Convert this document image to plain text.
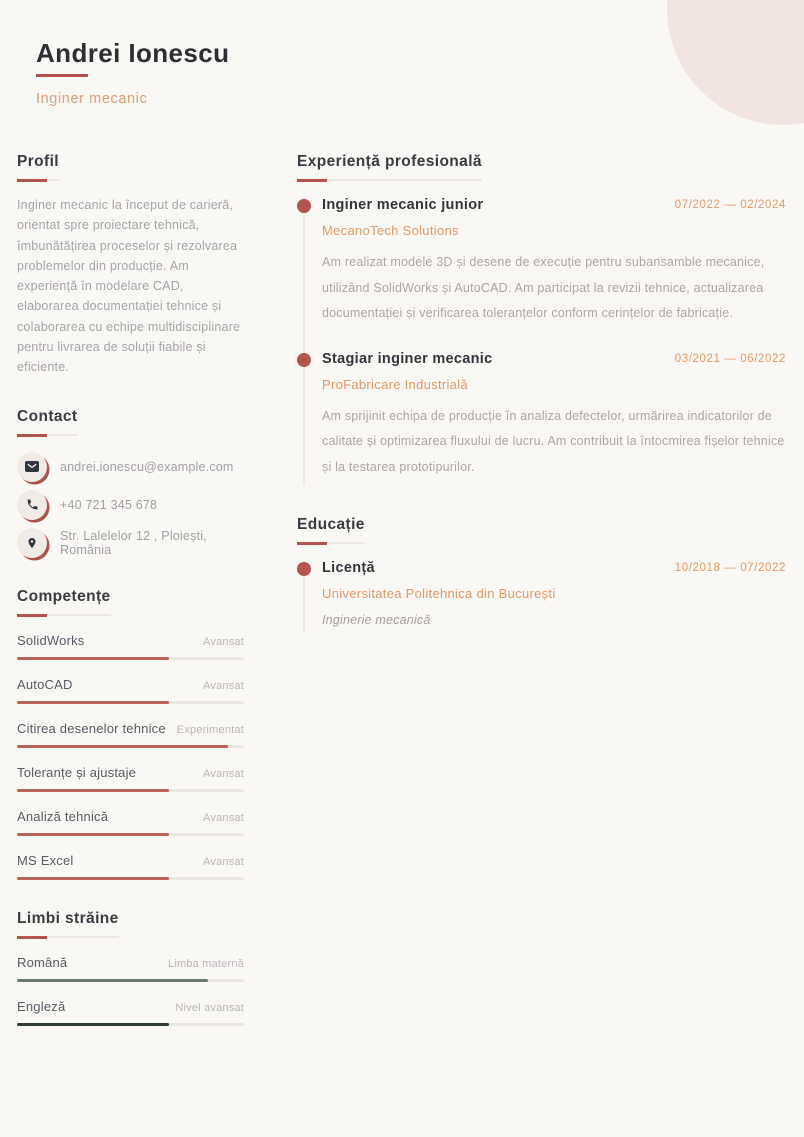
Andrei Ionescu
Inginer mecanic
Profil

Inginer mecanic la început de carieră, orientat spre proiectare tehnică, îmbunătățirea proceselor și rezolvarea problemelor din producție. Am experiență în modelare CAD, elaborarea documentației tehnice și colaborarea cu echipe multidisciplinare pentru livrarea de soluții fiabile și eficiente.

Contact
andrei.ionescu@example.com
+40 721 345 678
Str. Lalelelor 12 , Ploiești, România
Competențe
SolidWorks	Avansat
AutoCAD	Avansat
Citirea desenelor tehnice Experimentat
Toleranțe și ajustaje	Avansat
Analiză tehnică	Avansat
MS Excel	Avansat
Limbi străine
Română	Limba maternă
Engleză	Nivel avansat
Experiență profesională
Inginer mecanic junior	07/2022 — 02/2024
MecanoTech Solutions

Am realizat modele 3D și desene de execuție pentru subansamble mecanice, utilizând SolidWorks și AutoCAD. Am participat la revizii tehnice, actualizarea documentației și verificarea toleranțelor conform cerințelor de fabricație.

Stagiar inginer mecanic	03/2021 — 06/2022
ProFabricare Industrială

Am sprijinit echipa de producție în analiza defectelor, urmărirea indicatorilor de calitate și optimizarea fluxului de lucru. Am contribuit la întocmirea fișelor tehnice și la testarea prototipurilor.

Educație
Licență	10/2018 — 07/2022
Universitatea Politehnica din București
Inginerie mecanică
